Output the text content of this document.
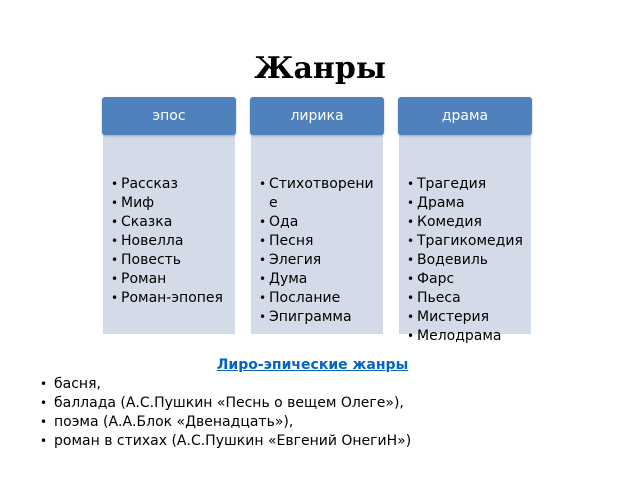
Жанры
• Рассказ
• Миф
• Сказка
• Новелла
• Повесть
• Роман
• Роман-эпопея
эпос
• Стихотворение
• Ода
• Песня
• Элегия
• Дума
• Послание
• Эпиграмма
лирика
• Трагедия
• Драма
• Комедия
• Трагикомедия
• Водевиль
• Фарс
• Пьеса
• Мистерия
• Мелодрама
драма
Лиро-эпические жанры
• басня,
• баллада (А.С.Пушкин «Песнь о вещем Олеге»),
• поэма (А.А.Блок «Двенадцать»),
• роман в стихах (А.С.Пушкин «Евгений ОнегиН»)
